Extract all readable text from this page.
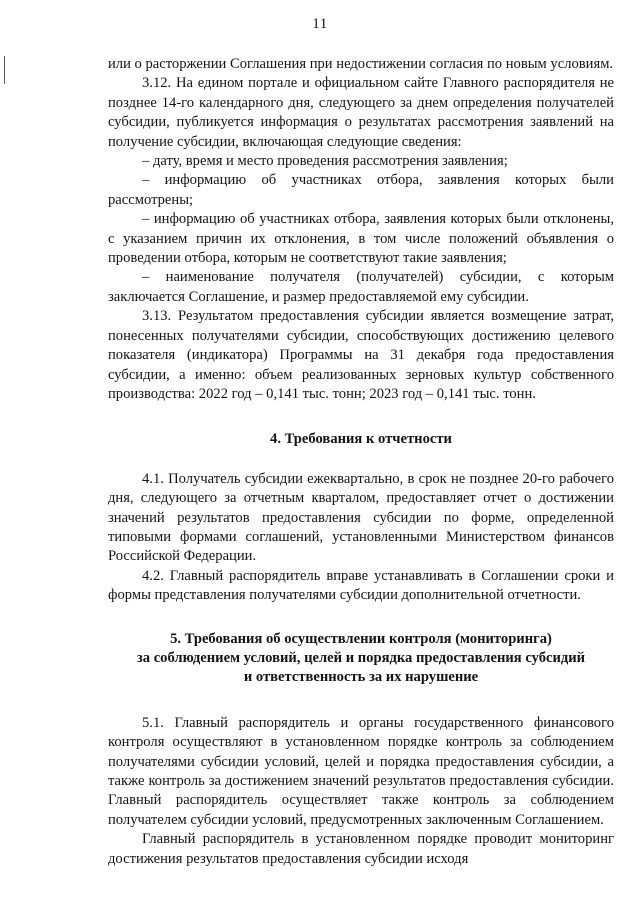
11

или о расторжении Соглашения при недостижении согласия по новым условиям.

3.12. На едином портале и официальном сайте Главного распорядителя не позднее 14-го календарного дня, следующего за днем определения получателей субсидии, публикуется информация о результатах рассмотрения заявлений на получение субсидии, включающая следующие сведения:

– дату, время и место проведения рассмотрения заявления;

– информацию об участниках отбора, заявления которых были рассмотрены;

– информацию об участниках отбора, заявления которых были отклонены, с указанием причин их отклонения, в том числе положений объявления о проведении отбора, которым не соответствуют такие заявления;

– наименование получателя (получателей) субсидии, с которым заключается Соглашение, и размер предоставляемой ему субсидии.

3.13. Результатом предоставления субсидии является возмещение затрат, понесенных получателями субсидии, способствующих достижению целевого показателя (индикатора) Программы на 31 декабря года предоставления субсидии, а именно: объем реализованных зерновых культур собственного производства: 2022 год – 0,141 тыс. тонн; 2023 год – 0,141 тыс. тонн.

4. Требования к отчетности

4.1. Получатель субсидии ежеквартально, в срок не позднее 20-го рабочего дня, следующего за отчетным кварталом, предоставляет отчет о достижении значений результатов предоставления субсидии по форме, определенной типовыми формами соглашений, установленными Министерством финансов Российской Федерации.

4.2. Главный распорядитель вправе устанавливать в Соглашении сроки и формы представления получателями субсидии дополнительной отчетности.

5. Требования об осуществлении контроля (мониторинга)
за соблюдением условий, целей и порядка предоставления субсидий
и ответственность за их нарушение

5.1. Главный распорядитель и органы государственного финансового контроля осуществляют в установленном порядке контроль за соблюдением получателями субсидии условий, целей и порядка предоставления субсидии, а также контроль за достижением значений результатов предоставления субсидии. Главный распорядитель осуществляет также контроль за соблюдением получателем субсидии условий, предусмотренных заключенным Соглашением.

Главный распорядитель в установленном порядке проводит мониторинг достижения результатов предоставления субсидии исходя
